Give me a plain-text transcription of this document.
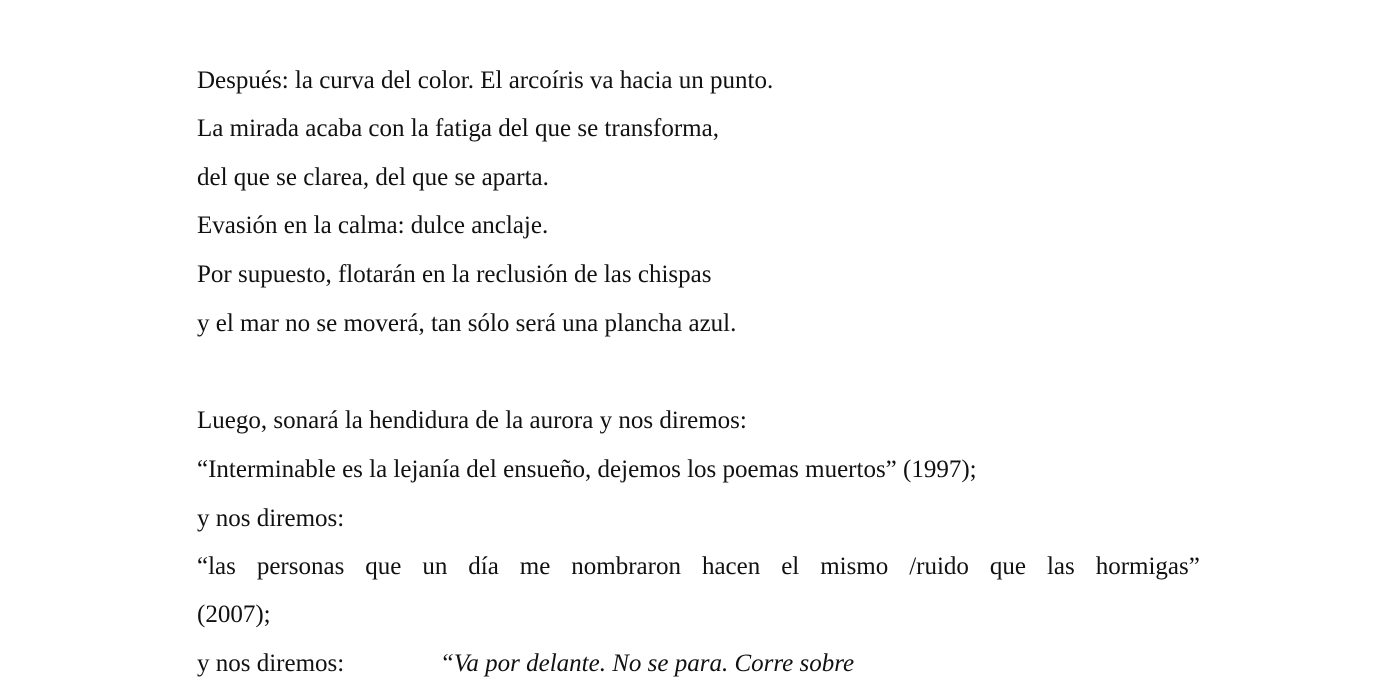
Después: la curva del color. El arcoíris va hacia un punto.
La mirada acaba con la fatiga del que se transforma,
del que se clarea, del que se aparta.
Evasión en la calma: dulce anclaje.
Por supuesto, flotarán en la reclusión de las chispas
y el mar no se moverá, tan sólo será una plancha azul.
Luego, sonará la hendidura de la aurora y nos diremos:
“Interminable es la lejanía del ensueño, dejemos los poemas muertos” (1997);
y nos diremos:
“las personas que un día me nombraron hacen el mismo /ruido que las hormigas”
(2007);
y nos diremos:	“Va por delante. No se para. Corre sobre
